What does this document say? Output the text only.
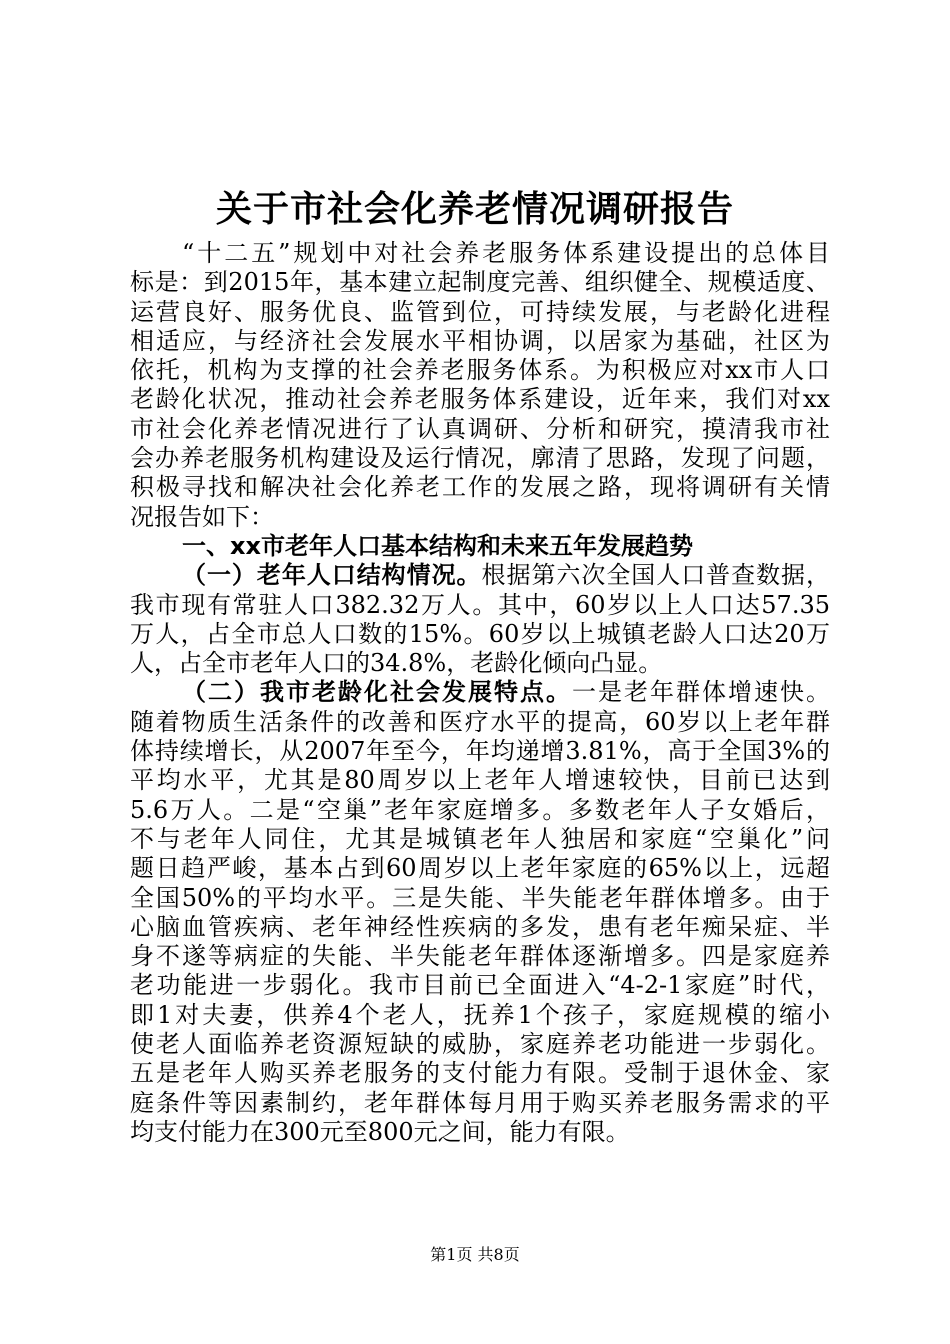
关于市社会化养老情况调研报告
“十二五”规划中对社会养老服务体系建设提出的总体目
标是：到2015年，基本建立起制度完善、组织健全、规模适度、
运营良好、服务优良、监管到位，可持续发展，与老龄化进程
相适应，与经济社会发展水平相协调，以居家为基础，社区为
依托，机构为支撑的社会养老服务体系。为积极应对xx市人口
老龄化状况，推动社会养老服务体系建设，近年来，我们对xx
市社会化养老情况进行了认真调研、分析和研究，摸清我市社
会办养老服务机构建设及运行情况，廓清了思路，发现了问题，
积极寻找和解决社会化养老工作的发展之路，现将调研有关情
况报告如下：
一、xx市老年人口基本结构和未来五年发展趋势
（一）老年人口结构情况。根据第六次全国人口普查数据，
我市现有常驻人口382.32万人。其中，60岁以上人口达57.35
万人，占全市总人口数的15%。60岁以上城镇老龄人口达20万
人，占全市老年人口的34.8%，老龄化倾向凸显。
（二）我市老龄化社会发展特点。一是老年群体增速快。
随着物质生活条件的改善和医疗水平的提高，60岁以上老年群
体持续增长，从2007年至今，年均递增3.81%，高于全国3%的
平均水平，尤其是80周岁以上老年人增速较快，目前已达到
5.6万人。二是“空巢”老年家庭增多。多数老年人子女婚后，
不与老年人同住，尤其是城镇老年人独居和家庭“空巢化”问
题日趋严峻，基本占到60周岁以上老年家庭的65%以上，远超
全国50%的平均水平。三是失能、半失能老年群体增多。由于
心脑血管疾病、老年神经性疾病的多发，患有老年痴呆症、半
身不遂等病症的失能、半失能老年群体逐渐增多。四是家庭养
老功能进一步弱化。我市目前已全面进入“4-2-1家庭”时代，
即1对夫妻，供养4个老人，抚养1个孩子，家庭规模的缩小
使老人面临养老资源短缺的威胁，家庭养老功能进一步弱化。
五是老年人购买养老服务的支付能力有限。受制于退休金、家
庭条件等因素制约，老年群体每月用于购买养老服务需求的平
均支付能力在300元至800元之间，能力有限。
第1页 共8页
